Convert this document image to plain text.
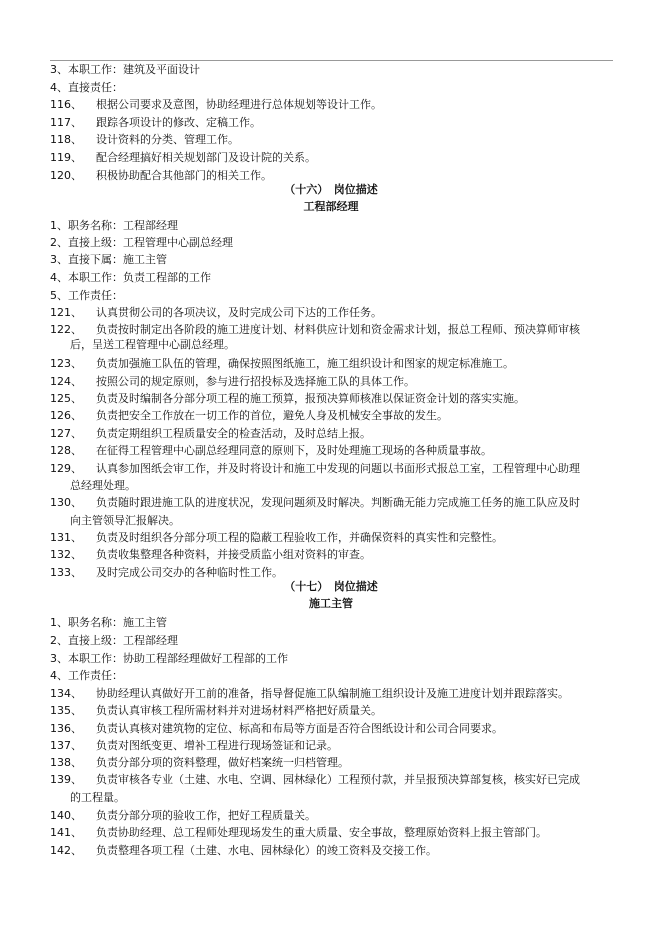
3、本职工作：建筑及平面设计
4、直接责任：
116、 根据公司要求及意图，协助经理进行总体规划等设计工作。
117、 跟踪各项设计的修改、定稿工作。
118、 设计资料的分类、管理工作。
119、 配合经理搞好相关规划部门及设计院的关系。
120、 积极协助配合其他部门的相关工作。
（十六）　岗位描述
工程部经理
1、职务名称：工程部经理
2、直接上级：工程管理中心副总经理
3、直接下属：施工主管
4、本职工作：负责工程部的工作
5、工作责任：
121、 认真贯彻公司的各项决议，及时完成公司下达的工作任务。
122、 负责按时制定出各阶段的施工进度计划、材料供应计划和资金需求计划，报总工程师、预决算师审核
后，呈送工程管理中心副总经理。
123、 负责加强施工队伍的管理，确保按照图纸施工，施工组织设计和图家的规定标准施工。
124、 按照公司的规定原则，参与进行招投标及选择施工队的具体工作。
125、 负责及时编制各分部分项工程的施工预算，报预决算师核准以保证资金计划的落实实施。
126、 负责把安全工作放在一切工作的首位，避免人身及机械安全事故的发生。
127、 负责定期组织工程质量安全的检查活动，及时总结上报。
128、 在征得工程管理中心副总经理同意的原则下，及时处理施工现场的各种质量事故。
129、 认真参加图纸会审工作，并及时将设计和施工中发现的问题以书面形式报总工室，工程管理中心助理
总经理处理。
130、 负责随时跟进施工队的进度状况，发现问题须及时解决。判断确无能力完成施工任务的施工队应及时
向主管领导汇报解决。
131、 负责及时组织各分部分项工程的隐蔽工程验收工作，并确保资料的真实性和完整性。
132、 负责收集整理各种资料，并接受质监小组对资料的审查。
133、 及时完成公司交办的各种临时性工作。
（十七）　岗位描述
施工主管
1、职务名称：施工主管
2、直接上级：工程部经理
3、本职工作：协助工程部经理做好工程部的工作
4、工作责任：
134、 协助经理认真做好开工前的准备，指导督促施工队编制施工组织设计及施工进度计划并跟踪落实。
135、 负责认真审核工程所需材料并对进场材料严格把好质量关。
136、 负责认真核对建筑物的定位、标高和布局等方面是否符合图纸设计和公司合同要求。
137、 负责对图纸变更、增补工程进行现场签证和记录。
138、 负责分部分项的资料整理，做好档案统一归档管理。
139、 负责审核各专业（土建、水电、空调、园林绿化）工程预付款，并呈报预决算部复核，核实好已完成
的工程量。
140、 负责分部分项的验收工作，把好工程质量关。
141、 负责协助经理、总工程师处理现场发生的重大质量、安全事故，整理原始资料上报主管部门。
142、 负责整理各项工程（土建、水电、园林绿化）的竣工资料及交接工作。
